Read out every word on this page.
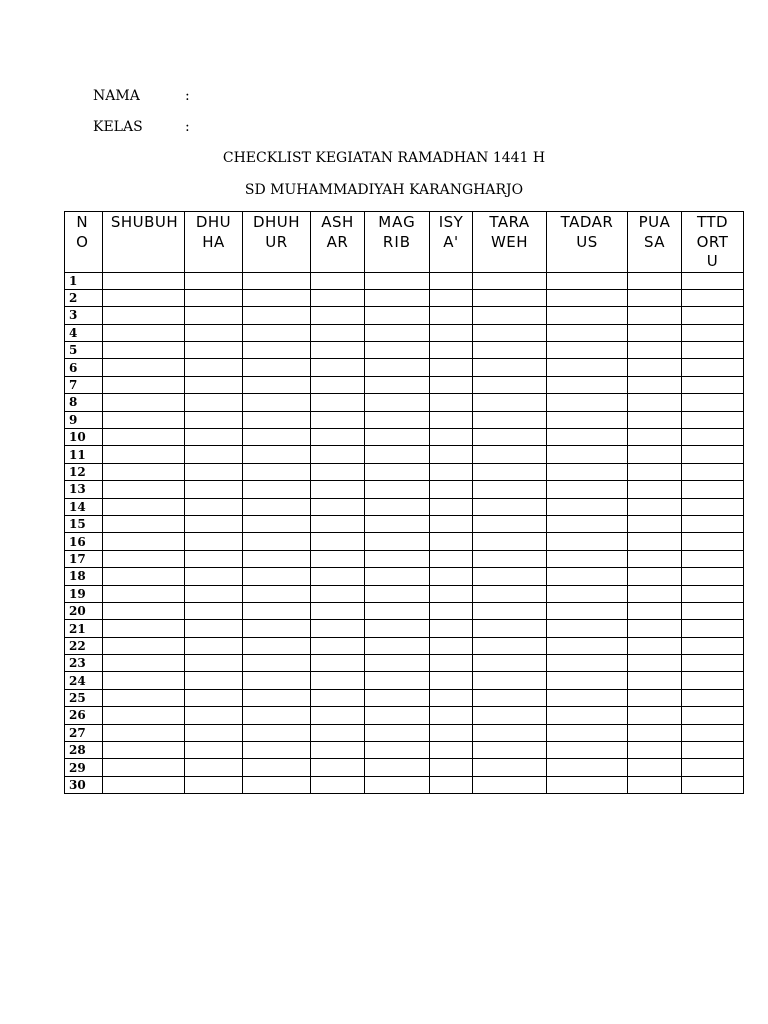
NAMA	:
KELAS	:
CHECKLIST KEGIATAN RAMADHAN 1441 H
SD MUHAMMADIYAH KARANGHARJO
NO	SHUBUH	DHUHA	DHUHUR	ASHAR	MAGRIB	ISYA'	TARAWEH	TADARUS	PUASA	TTDORTU
1										
2										
3										
4										
5										
6										
7										
8										
9										
10										
11										
12										
13										
14										
15										
16										
17										
18										
19										
20										
21										
22										
23										
24										
25										
26										
27										
28										
29										
30										
